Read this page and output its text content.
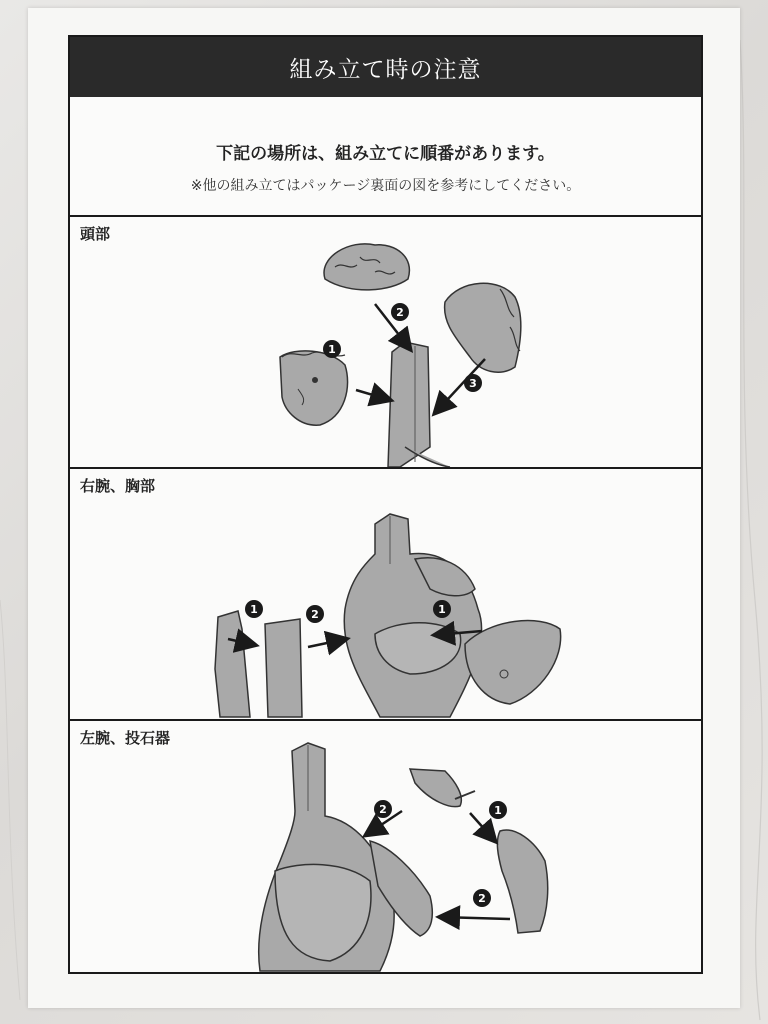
組み立て時の注意
下記の場所は、組み立てに順番があります。
※他の組み立てはパッケージ裏面の図を参考にしてください。
頭部
1
2
3
右腕、胸部
1	2	1
左腕、投石器
2	1
2
